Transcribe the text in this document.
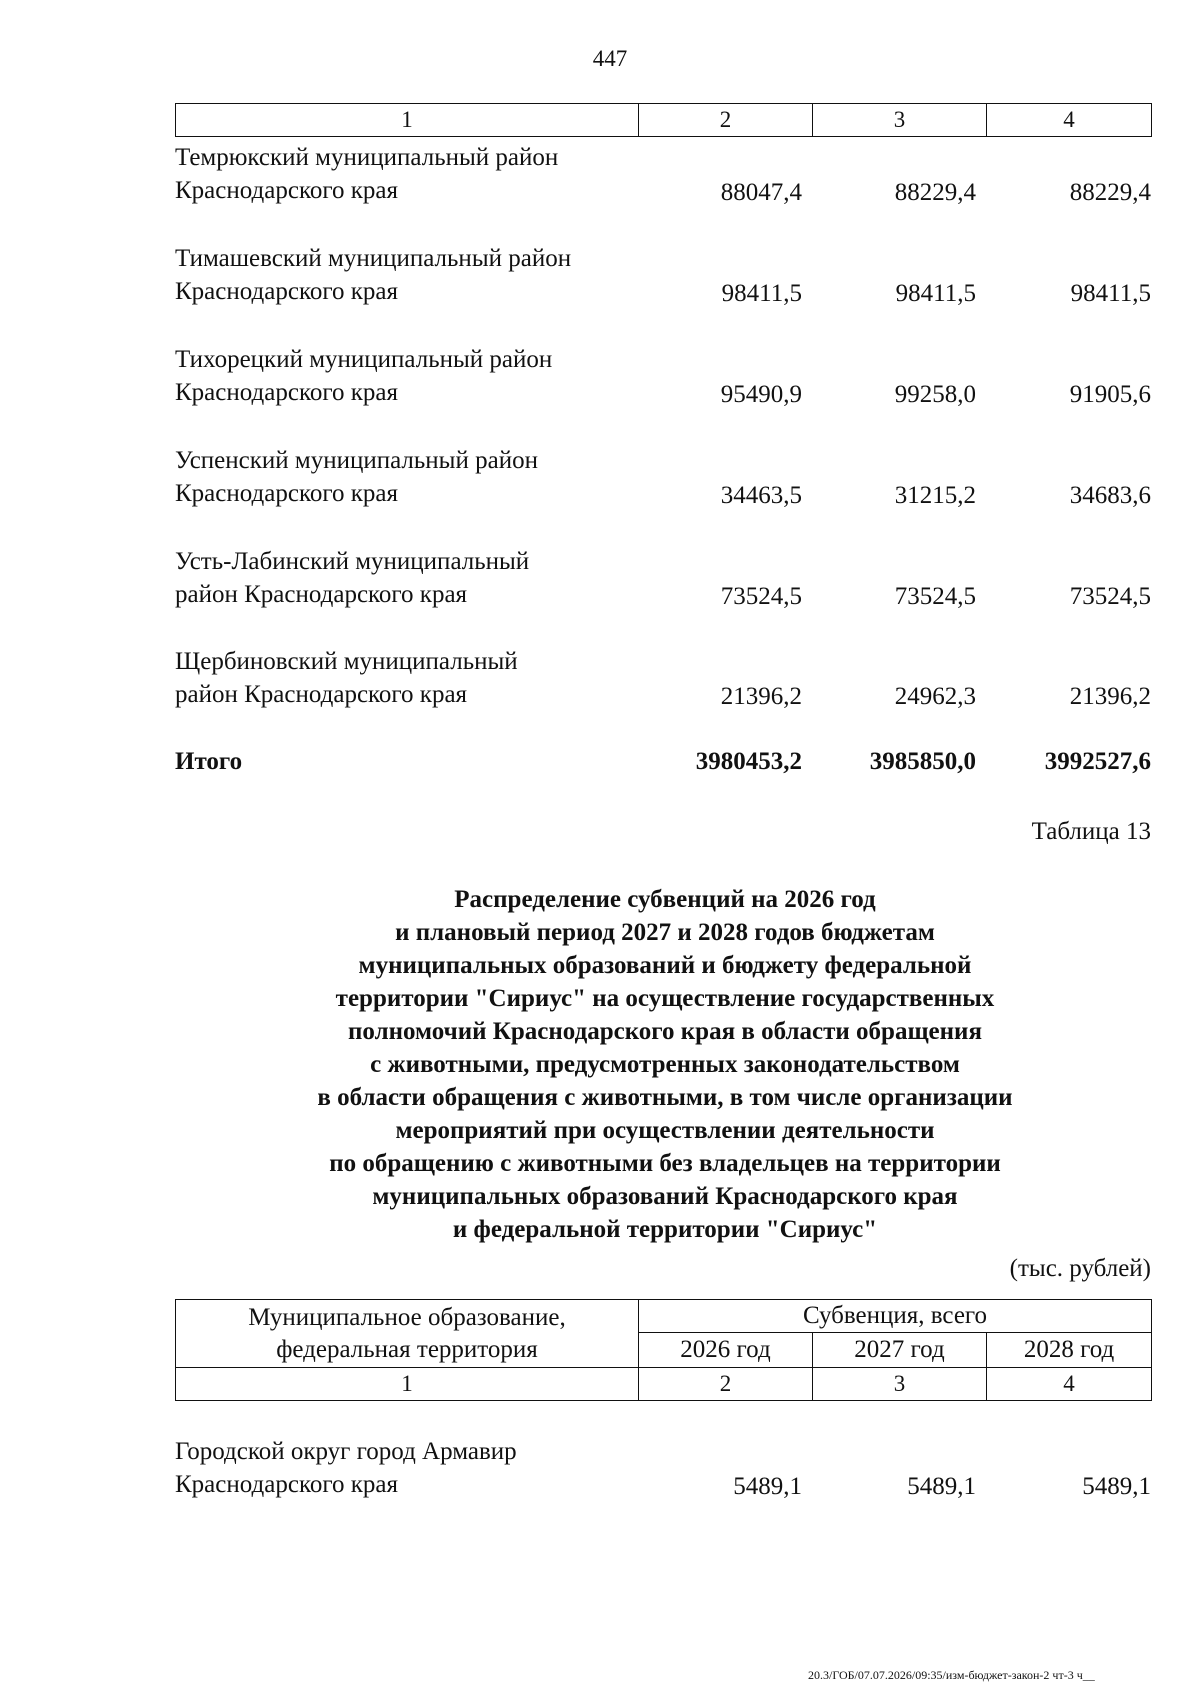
447
1	2	3	4
Темрюкский муниципальный район
Краснодарского края	88047,4	88229,4	88229,4
Тимашевский муниципальный район
Краснодарского края	98411,5	98411,5	98411,5
Тихорецкий муниципальный район
Краснодарского края	95490,9	99258,0	91905,6
Успенский муниципальный район
Краснодарского края	34463,5	31215,2	34683,6
Усть-Лабинский муниципальный
район Краснодарского края	73524,5	73524,5	73524,5
Щербиновский муниципальный
район Краснодарского края	21396,2	24962,3	21396,2
Итого	3980453,2	3985850,0	3992527,6
Таблица 13
Распределение субвенций на 2026 год
и плановый период 2027 и 2028 годов бюджетам
муниципальных образований и бюджету федеральной
территории "Сириус" на осуществление государственных
полномочий Краснодарского края в области обращения
с животными, предусмотренных законодательством
в области обращения с животными, в том числе организации
мероприятий при осуществлении деятельности
по обращению с животными без владельцев на территории
муниципальных образований Краснодарского края
и федеральной территории "Сириус"
(тыс. рублей)
Муниципальное образование,
федеральная территория	Субвенция, всего		
	2026 год	2027 год	2028 год
1	2	3	4
Городской округ город Армавир
Краснодарского края	5489,1	5489,1	5489,1
20.3/ГОБ/07.07.2026/09:35/изм-бюджет-закон-2 чт-3 ч__
